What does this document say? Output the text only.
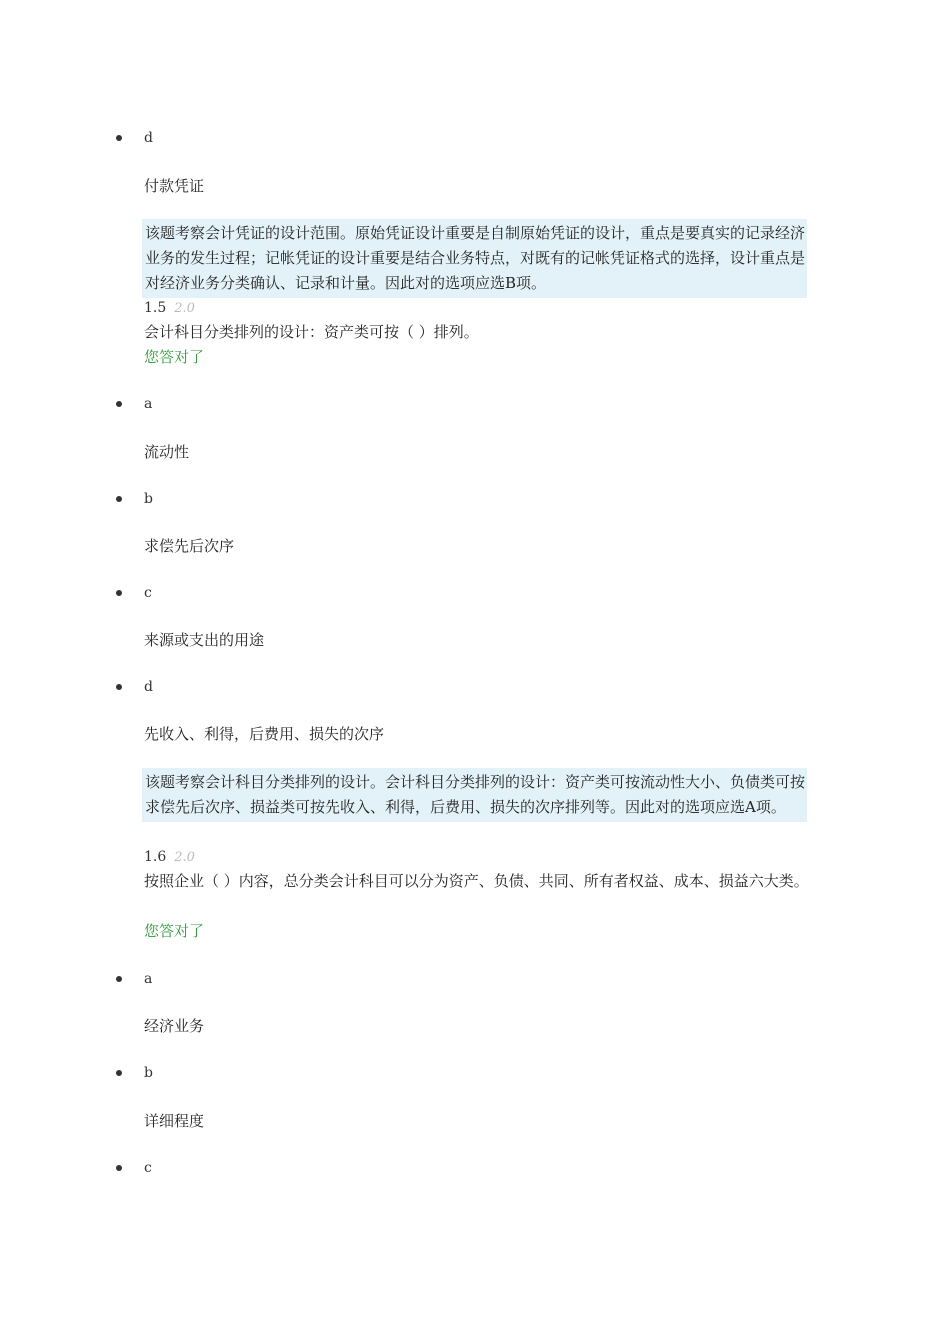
d
付款凭证
该题考察会计凭证的设计范围。原始凭证设计重要是自制原始凭证的设计，重点是要真实的记录经济业务的发生过程；记帐凭证的设计重要是结合业务特点，对既有的记帐凭证格式的选择，设计重点是对经济业务分类确认、记录和计量。因此对的选项应选B项。
1.5 2.0
会计科目分类排列的设计：资产类可按（ ）排列。
您答对了
a
流动性
b
求偿先后次序
c
来源或支出的用途
d
先收入、利得，后费用、损失的次序
该题考察会计科目分类排列的设计。会计科目分类排列的设计：资产类可按流动性大小、负债类可按求偿先后次序、损益类可按先收入、利得，后费用、损失的次序排列等。因此对的选项应选A项。
1.6 2.0
按照企业（ ）内容，总分类会计科目可以分为资产、负债、共同、所有者权益、成本、损益六大类。
您答对了
a
经济业务
b
详细程度
c
